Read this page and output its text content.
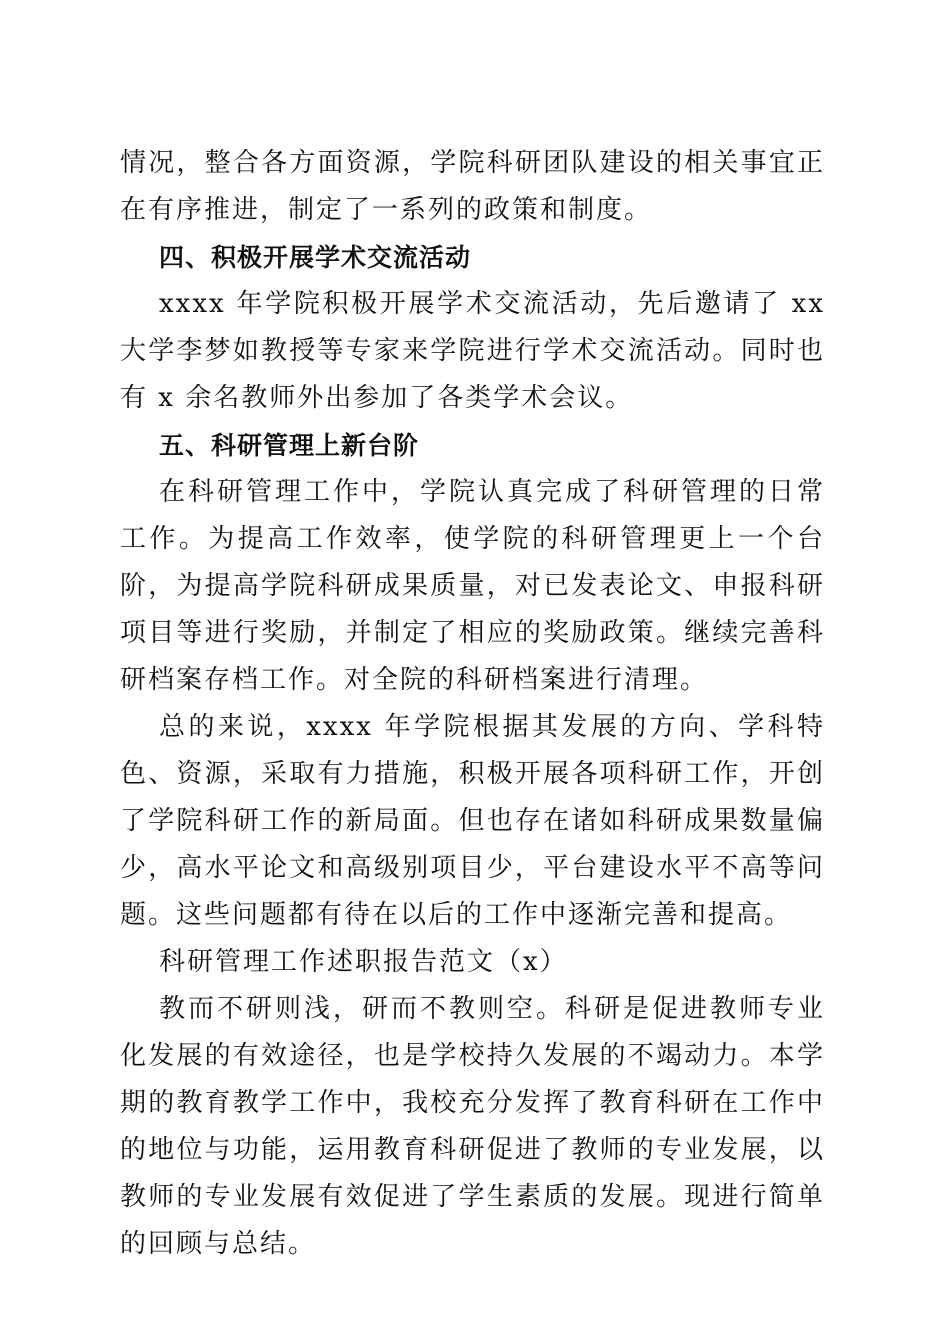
情况，整合各方面资源，学院科研团队建设的相关事宜正在有序推进，制定了一系列的政策和制度。

四、积极开展学术交流活动

xxxx 年学院积极开展学术交流活动，先后邀请了 xx 大学李梦如教授等专家来学院进行学术交流活动。同时也有 x 余名教师外出参加了各类学术会议。

五、科研管理上新台阶

在科研管理工作中，学院认真完成了科研管理的日常工作。为提高工作效率，使学院的科研管理更上一个台阶，为提高学院科研成果质量，对已发表论文、申报科研项目等进行奖励，并制定了相应的奖励政策。继续完善科研档案存档工作。对全院的科研档案进行清理。

总的来说，xxxx 年学院根据其发展的方向、学科特色、资源，采取有力措施，积极开展各项科研工作，开创了学院科研工作的新局面。但也存在诸如科研成果数量偏少，高水平论文和高级别项目少，平台建设水平不高等问题。这些问题都有待在以后的工作中逐渐完善和提高。

科研管理工作述职报告范文（x）

教而不研则浅，研而不教则空。科研是促进教师专业化发展的有效途径，也是学校持久发展的不竭动力。本学期的教育教学工作中，我校充分发挥了教育科研在工作中的地位与功能，运用教育科研促进了教师的专业发展，以教师的专业发展有效促进了学生素质的发展。现进行简单的回顾与总结。
